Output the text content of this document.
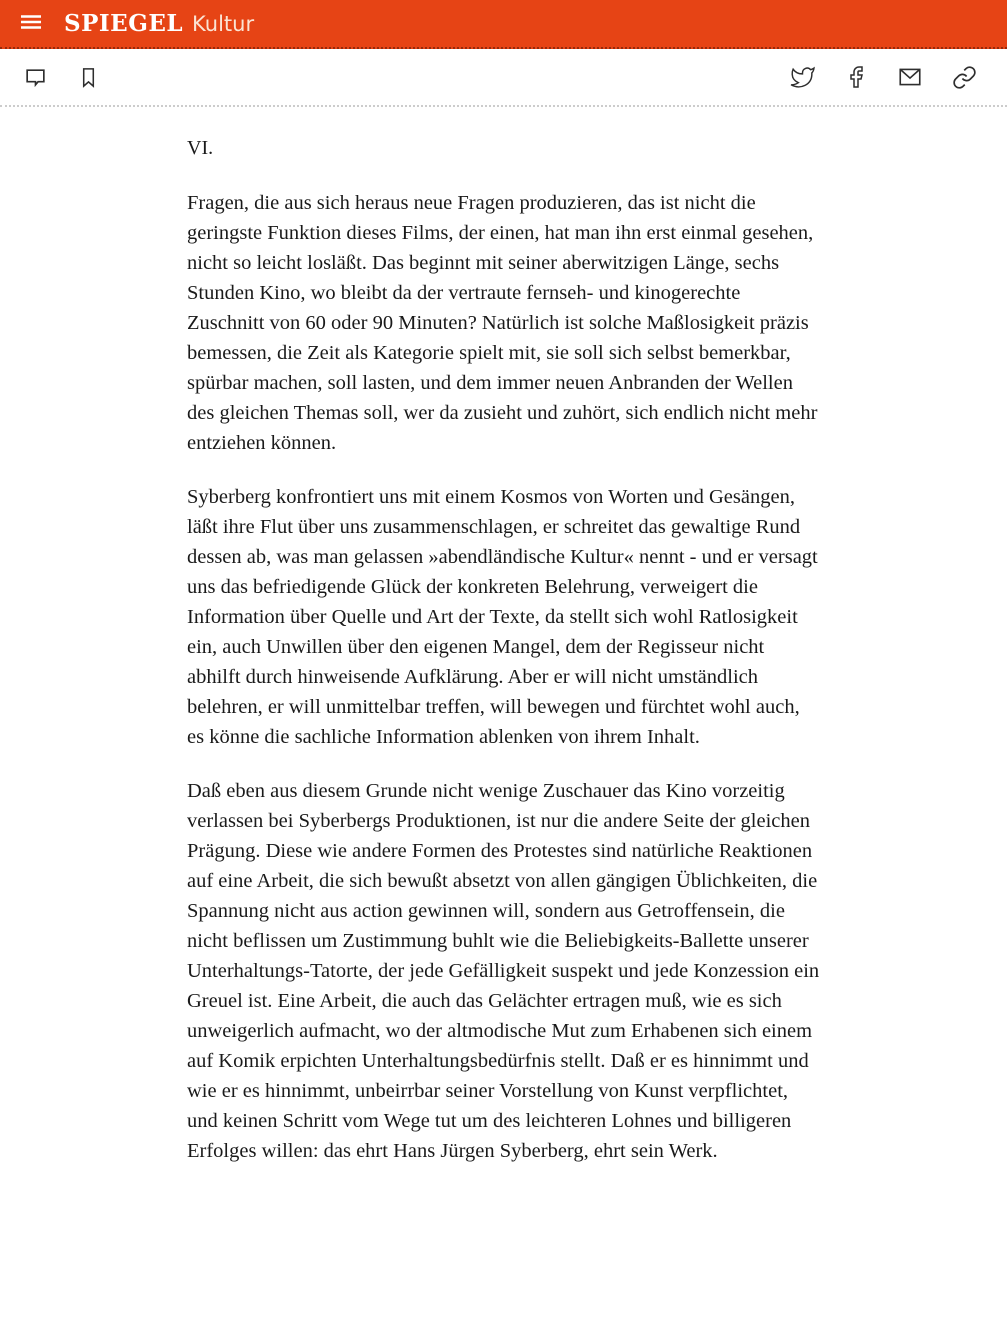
SPIEGEL Kultur
VI.

Fragen, die aus sich heraus neue Fragen produzieren, das ist nicht die geringste Funktion dieses Films, der einen, hat man ihn erst einmal gesehen, nicht so leicht losläßt. Das beginnt mit seiner aberwitzigen Länge, sechs Stunden Kino, wo bleibt da der vertraute fernseh- und kinogerechte Zuschnitt von 60 oder 90 Minuten? Natürlich ist solche Maßlosigkeit präzis bemessen, die Zeit als Kategorie spielt mit, sie soll sich selbst bemerkbar, spürbar machen, soll lasten, und dem immer neuen Anbranden der Wellen des gleichen Themas soll, wer da zusieht und zuhört, sich endlich nicht mehr entziehen können.

Syberberg konfrontiert uns mit einem Kosmos von Worten und Gesängen, läßt ihre Flut über uns zusammenschlagen, er schreitet das gewaltige Rund dessen ab, was man gelassen »abendländische Kultur« nennt - und er versagt uns das befriedigende Glück der konkreten Belehrung, verweigert die Information über Quelle und Art der Texte, da stellt sich wohl Ratlosigkeit ein, auch Unwillen über den eigenen Mangel, dem der Regisseur nicht abhilft durch hinweisende Aufklärung. Aber er will nicht umständlich belehren, er will unmittelbar treffen, will bewegen und fürchtet wohl auch, es könne die sachliche Information ablenken von ihrem Inhalt.

Daß eben aus diesem Grunde nicht wenige Zuschauer das Kino vorzeitig verlassen bei Syberbergs Produktionen, ist nur die andere Seite der gleichen Prägung. Diese wie andere Formen des Protestes sind natürliche Reaktionen auf eine Arbeit, die sich bewußt absetzt von allen gängigen Üblichkeiten, die Spannung nicht aus action gewinnen will, sondern aus Getroffensein, die nicht beflissen um Zustimmung buhlt wie die Beliebigkeits-Ballette unserer Unterhaltungs-Tatorte, der jede Gefälligkeit suspekt und jede Konzession ein Greuel ist. Eine Arbeit, die auch das Gelächter ertragen muß, wie es sich unweigerlich aufmacht, wo der altmodische Mut zum Erhabenen sich einem auf Komik erpichten Unterhaltungsbedürfnis stellt. Daß er es hinnimmt und wie er es hinnimmt, unbeirrbar seiner Vorstellung von Kunst verpflichtet, und keinen Schritt vom Wege tut um des leichteren Lohnes und billigeren Erfolges willen: das ehrt Hans Jürgen Syberberg, ehrt sein Werk.
